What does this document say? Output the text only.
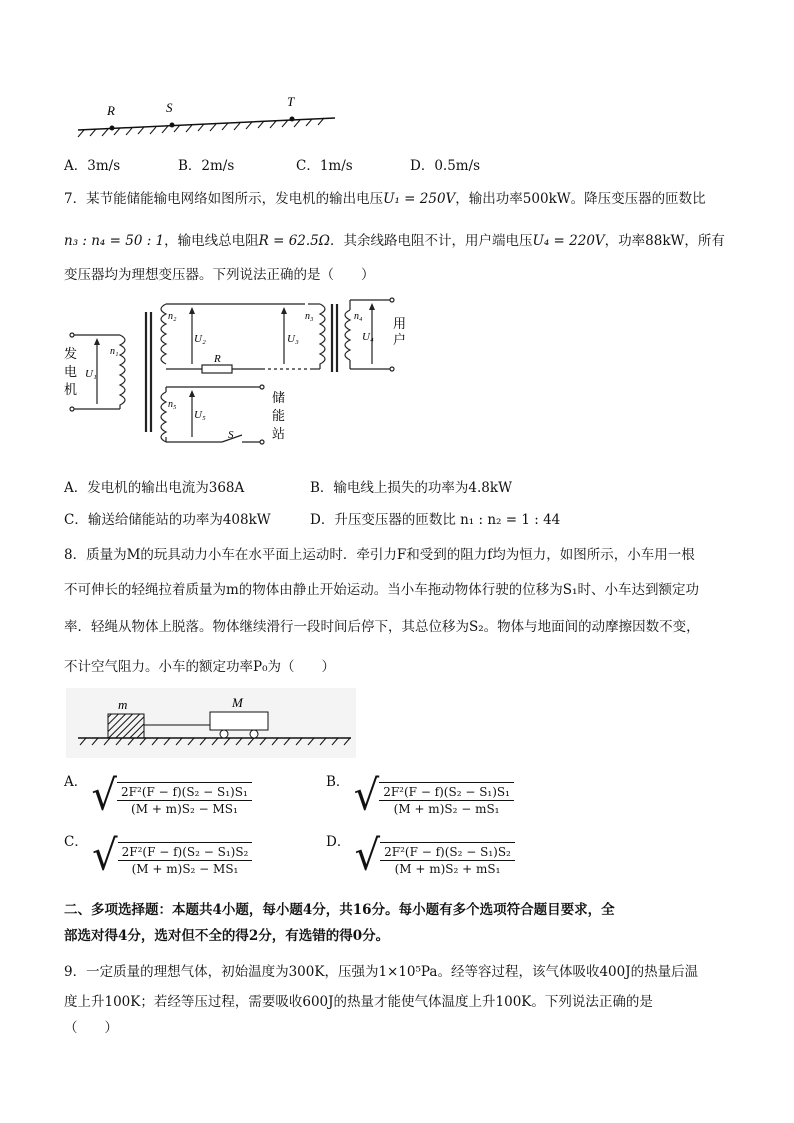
R	S	T
A．3m/s	B．2m/s	C．1m/s	D．0.5m/s
7．某节能储能输电网络如图所示，发电机的输出电压U₁ = 250V，输出功率500kW。降压变压器的匝数比
n₃ : n₄ = 50 : 1，输电线总电阻R = 62.5Ω．其余线路电阻不计，用户端电压U₄ = 220V，功率88kW，所有
变压器均为理想变压器。下列说法正确的是（　　）
n₁
U₁
n₂
U₂
R
U₃
n₃	n₄
U₄
n₅
U₅
S
发
电
机
用
户
储
能
站
A．发电机的输出电流为368A	B．输电线上损失的功率为4.8kW
C．输送给储能站的功率为408kW	D．升压变压器的匝数比 n₁ : n₂ = 1 : 44
8．质量为M的玩具动力小车在水平面上运动时．牵引力F和受到的阻力f均为恒力，如图所示，小车用一根
不可伸长的轻绳拉着质量为m的物体由静止开始运动。当小车拖动物体行驶的位移为S₁时、小车达到额定功
率．轻绳从物体上脱落。物体继续滑行一段时间后停下，其总位移为S₂。物体与地面间的动摩擦因数不变，
不计空气阻力。小车的额定功率P₀为（　　）
m	M
A． √ $\frac{\text{2F²(F − f)(S₂ − S₁)S₁}}{\text{(M + m)S₂ − MS₁}}$
B． √ $\frac{\text{2F²(F − f)(S₂ − S₁)S₁}}{\text{(M + m)S₂ − mS₁}}$
C． √ $\frac{\text{2F²(F − f)(S₂ − S₁)S₂}}{\text{(M + m)S₂ − MS₁}}$
D． √ $\frac{\text{2F²(F − f)(S₂ − S₁)S₂}}{\text{(M + m)S₂ + mS₁}}$
二、多项选择题：本题共4小题，每小题4分，共16分。每小题有多个选项符合题目要求，全
部选对得4分，选对但不全的得2分，有选错的得0分。
9．一定质量的理想气体，初始温度为300K，压强为1×10⁵Pa。经等容过程，该气体吸收400J的热量后温
度上升100K；若经等压过程，需要吸收600J的热量才能使气体温度上升100K。下列说法正确的是
（　　）
